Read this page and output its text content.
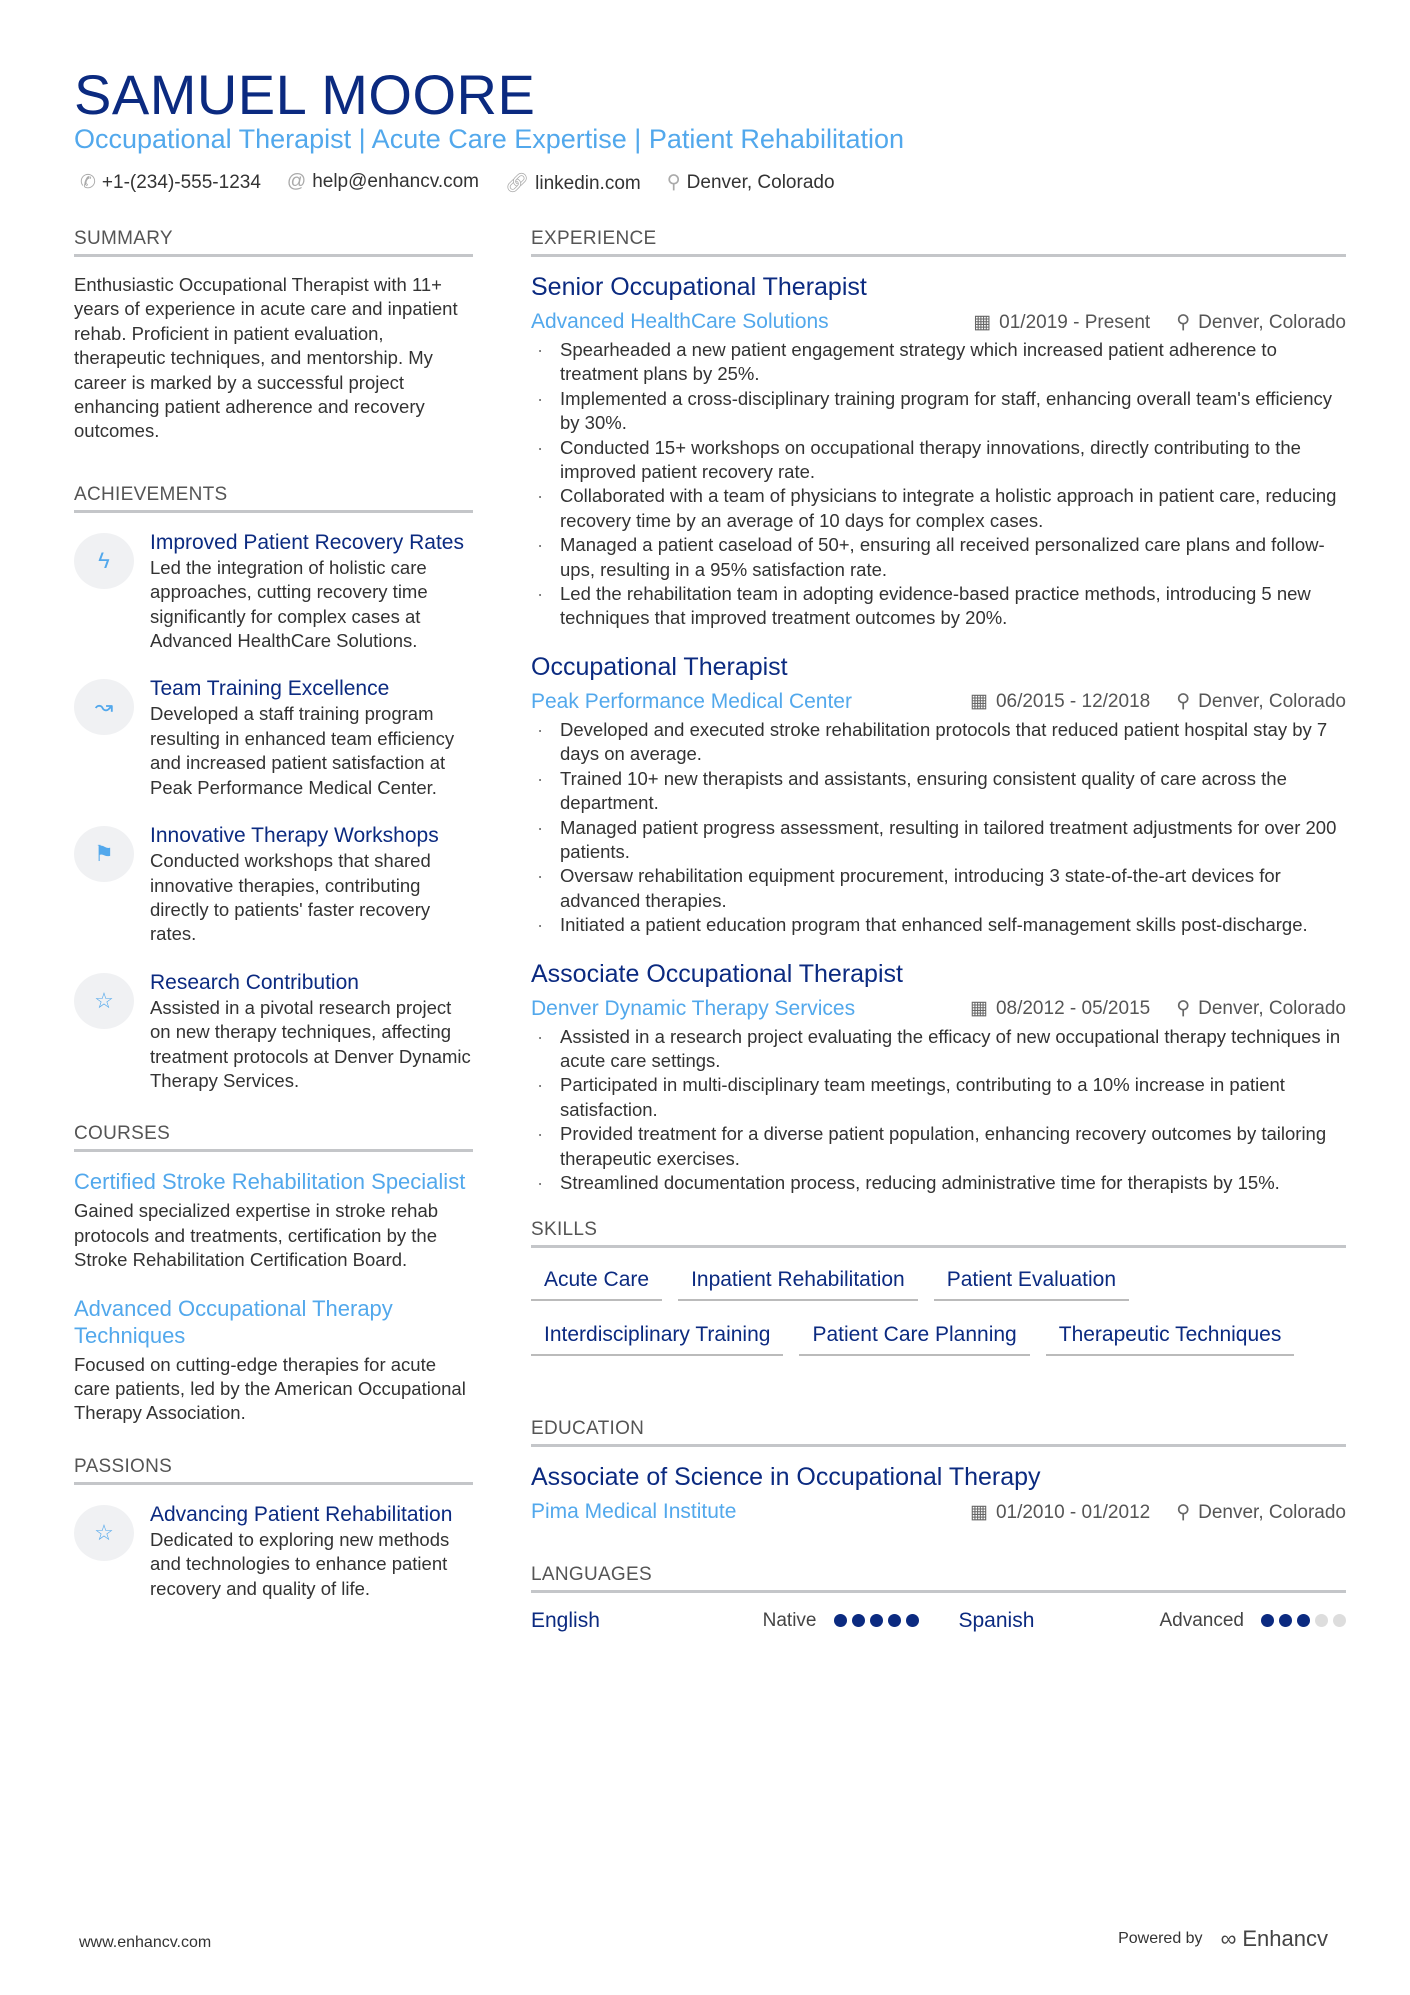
SAMUEL MOORE
Occupational Therapist | Acute Care Expertise | Patient Rehabilitation
✆ +1-(234)-555-1234 @ help@enhancv.com 🔗︎ linkedin.com ⚲ Denver, Colorado
SUMMARY

Enthusiastic Occupational Therapist with 11+ years of experience in acute care and inpatient rehab. Proficient in patient evaluation, therapeutic techniques, and mentorship. My career is marked by a successful project enhancing patient adherence and recovery outcomes.

ACHIEVEMENTS
ϟ
Improved Patient Recovery Rates
Led the integration of holistic care approaches, cutting recovery time significantly for complex cases at Advanced HealthCare Solutions.
↝
Team Training Excellence
Developed a staff training program resulting in enhanced team efficiency and increased patient satisfaction at Peak Performance Medical Center.
⚑
Innovative Therapy Workshops
Conducted workshops that shared innovative therapies, contributing directly to patients' faster recovery rates.
☆
Research Contribution
Assisted in a pivotal research project on new therapy techniques, affecting treatment protocols at Denver Dynamic Therapy Services.
COURSES
Certified Stroke Rehabilitation Specialist
Gained specialized expertise in stroke rehab protocols and treatments, certification by the Stroke Rehabilitation Certification Board.
Advanced Occupational Therapy Techniques
Focused on cutting-edge therapies for acute care patients, led by the American Occupational Therapy Association.
PASSIONS
☆
Advancing Patient Rehabilitation
Dedicated to exploring new methods and technologies to enhance patient recovery and quality of life.
EXPERIENCE
Senior Occupational Therapist
Advanced HealthCare Solutions	▦ 01/2019 - Present ⚲ Denver, Colorado
· Spearheaded a new patient engagement strategy which increased patient adherence to treatment plans by 25%.
· Implemented a cross-disciplinary training program for staff, enhancing overall team's efficiency by 30%.
· Conducted 15+ workshops on occupational therapy innovations, directly contributing to the improved patient recovery rate.
· Collaborated with a team of physicians to integrate a holistic approach in patient care, reducing recovery time by an average of 10 days for complex cases.
· Managed a patient caseload of 50+, ensuring all received personalized care plans and follow-ups, resulting in a 95% satisfaction rate.
· Led the rehabilitation team in adopting evidence-based practice methods, introducing 5 new techniques that improved treatment outcomes by 20%.
Occupational Therapist
Peak Performance Medical Center	▦ 06/2015 - 12/2018 ⚲ Denver, Colorado
· Developed and executed stroke rehabilitation protocols that reduced patient hospital stay by 7 days on average.
· Trained 10+ new therapists and assistants, ensuring consistent quality of care across the department.
· Managed patient progress assessment, resulting in tailored treatment adjustments for over 200 patients.
· Oversaw rehabilitation equipment procurement, introducing 3 state-of-the-art devices for advanced therapies.
· Initiated a patient education program that enhanced self-management skills post-discharge.
Associate Occupational Therapist
Denver Dynamic Therapy Services	▦ 08/2012 - 05/2015 ⚲ Denver, Colorado
· Assisted in a research project evaluating the efficacy of new occupational therapy techniques in acute care settings.
· Participated in multi-disciplinary team meetings, contributing to a 10% increase in patient satisfaction.
· Provided treatment for a diverse patient population, enhancing recovery outcomes by tailoring therapeutic exercises.
· Streamlined documentation process, reducing administrative time for therapists by 15%.
SKILLS
Acute Care	Inpatient Rehabilitation	Patient Evaluation
Interdisciplinary Training	Patient Care Planning	Therapeutic Techniques
EDUCATION
Associate of Science in Occupational Therapy
Pima Medical Institute	▦ 01/2010 - 01/2012 ⚲ Denver, Colorado
LANGUAGES
English	Native	Spanish	Advanced
www.enhancv.com	Powered by ∞ Enhancv
